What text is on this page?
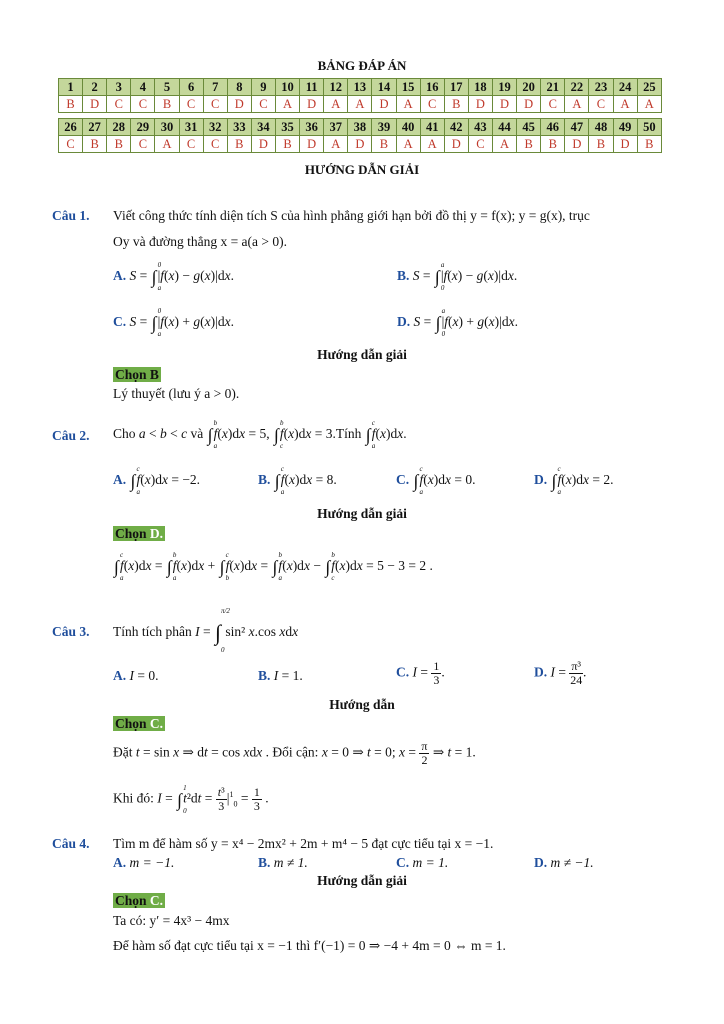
BẢNG ĐÁP ÁN
1	2	3	4	5	6	7	8	9	10	11	12	13	14	15	16	17	18	19	20	21	22	23	24	25
B	D	C	C	B	C	C	D	C	A	D	A	A	D	A	C	B	D	D	D	C	A	C	A	A
26	27	28	29	30	31	32	33	34	35	36	37	38	39	40	41	42	43	44	45	46	47	48	49	50
C	B	B	C	A	C	C	B	D	B	D	A	D	B	A	A	D	C	A	B	B	D	B	D	B
HƯỚNG DẪN GIẢI
Câu 1. Viết công thức tính diện tích S của hình phẳng giới hạn bởi đồ thị y = f(x); y = g(x), trục
Oy và đường thẳng x = a(a > 0).
A. S = ∫
0
a
|f(x) − g(x)|dx.	B. S = ∫
a
0
|f(x) − g(x)|dx.
C. S = ∫
0
a
|f(x) + g(x)|dx.	D. S = ∫
a
0
|f(x) + g(x)|dx.
Hướng dẫn giải
Chọn B
Lý thuyết (lưu ý a > 0).
Câu 2. Cho a < b < c và ∫
b
a
f(x)dx = 5, ∫
b
c
f(x)dx = 3.Tính ∫
c
a
f(x)dx.
A. ∫
c
a
f(x)dx = −2.	B. ∫
c
a
f(x)dx = 8.	C. ∫
c
a
f(x)dx = 0.	D. ∫
c
a
f(x)dx = 2.
Hướng dẫn giải
Chọn D.
∫
c
a
f(x)dx = ∫
b
a
f(x)dx + ∫
c
b
f(x)dx = ∫
b
a
f(x)dx − ∫
b
c
f(x)dx = 5 − 3 = 2 .
Câu 3. Tính tích phân I = ∫
π/2
0
sin² x.cos xdx
A. I = 0.	B. I = 1.	C. $I = \frac{1}{3}$ .	D. $I = \frac{\text{π³}}{24}$ .
Hướng dẫn
Chọn C.
Đặt t = sin x ⇒ dt = cos xdx . Đổi cận: x = 0 ⇒ t = 0; $x = \frac{\pi}{2}$ ⇒ t = 1.
Khi đó: I = ∫
1
0
$t^2dt = \frac{\text{t³}}{3} |^1_0 = \frac{1}{3}$ .
Câu 4. Tìm m để hàm số y = x⁴ − 2mx² + 2m + m⁴ − 5 đạt cực tiểu tại x = −1.
A. m = −1.	B. m ≠ 1.	C. m = 1.	D. m ≠ −1.
Hướng dẫn giải
Chọn C.
Ta có: y′ = 4x³ − 4mx
Để hàm số đạt cực tiểu tại x = −1 thì f′(−1) = 0 ⇒ −4 + 4m = 0 ⇔ m = 1.
